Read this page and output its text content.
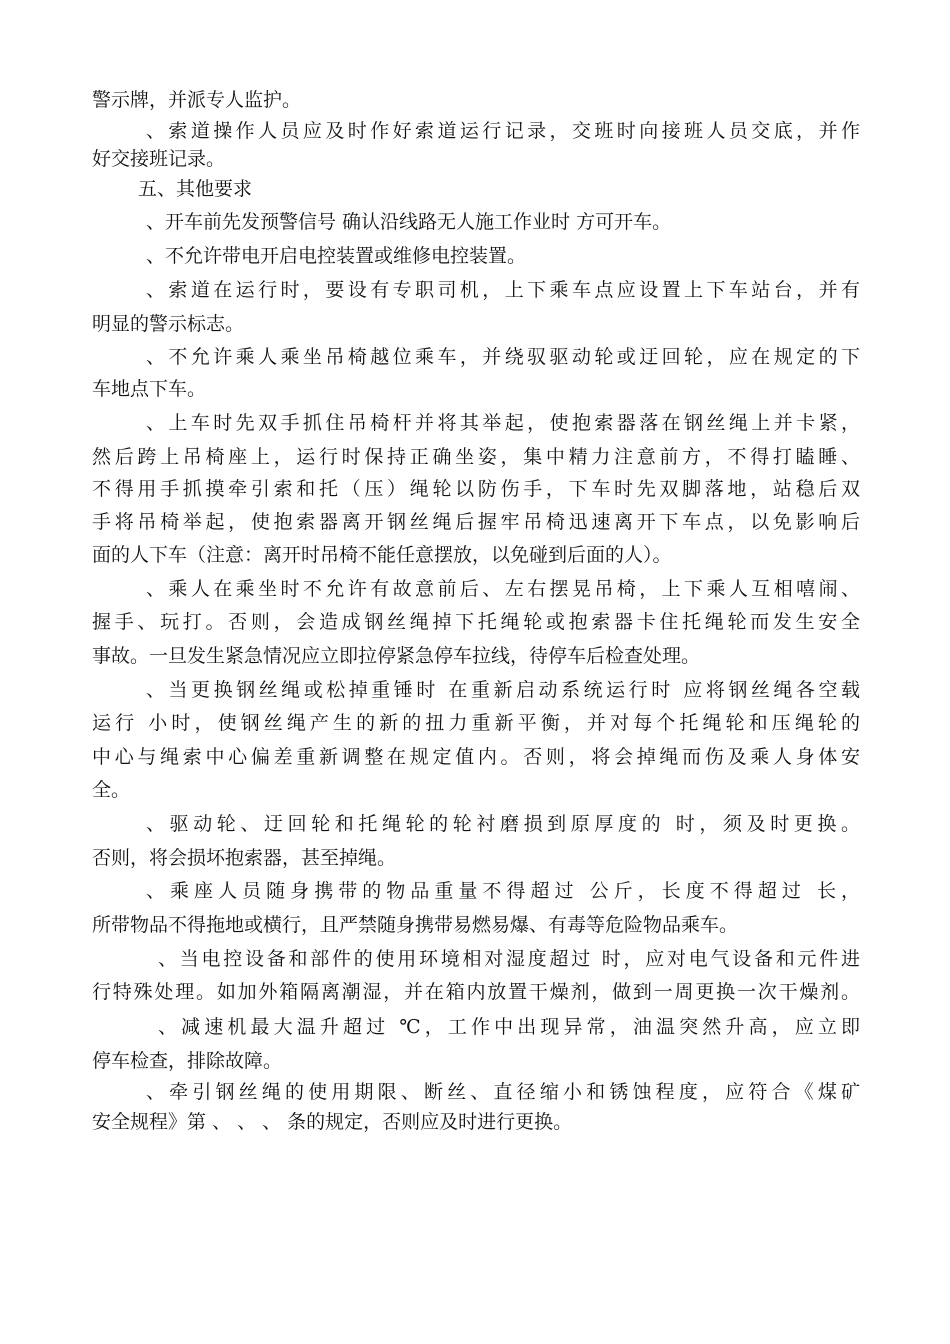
警示牌，并派专人监护。
、索道操作人员应及时作好索道运行记录，交班时向接班人员交底，并作
好交接班记录。
五、其他要求
、开车前先发预警信号 确认沿线路无人施工作业时 方可开车。
、不允许带电开启电控装置或维修电控装置。
、索道在运行时，要设有专职司机，上下乘车点应设置上下车站台，并有
明显的警示标志。
、不允许乘人乘坐吊椅越位乘车，并绕驭驱动轮或迂回轮，应在规定的下
车地点下车。
、上车时先双手抓住吊椅杆并将其举起，使抱索器落在钢丝绳上并卡紧，
然后跨上吊椅座上，运行时保持正确坐姿，集中精力注意前方，不得打瞌睡、
不得用手抓摸牵引索和托（压）绳轮以防伤手，下车时先双脚落地，站稳后双
手将吊椅举起，使抱索器离开钢丝绳后握牢吊椅迅速离开下车点，以免影响后
面的人下车（注意：离开时吊椅不能任意摆放，以免碰到后面的人）。
、乘人在乘坐时不允许有故意前后、左右摆晃吊椅，上下乘人互相嘻闹、
握手、玩打。否则，会造成钢丝绳掉下托绳轮或抱索器卡住托绳轮而发生安全
事故。一旦发生紧急情况应立即拉停紧急停车拉线，待停车后检查处理。
、当更换钢丝绳或松掉重锤时 在重新启动系统运行时 应将钢丝绳各空载
运行 小时，使钢丝绳产生的新的扭力重新平衡，并对每个托绳轮和压绳轮的
中心与绳索中心偏差重新调整在规定值内。否则，将会掉绳而伤及乘人身体安
全。
、驱动轮、迂回轮和托绳轮的轮衬磨损到原厚度的 时，须及时更换。
否则，将会损坏抱索器，甚至掉绳。
、乘座人员随身携带的物品重量不得超过 公斤，长度不得超过 长，
所带物品不得拖地或横行，且严禁随身携带易燃易爆、有毒等危险物品乘车。
、当电控设备和部件的使用环境相对湿度超过 时，应对电气设备和元件进
行特殊处理。如加外箱隔离潮湿，并在箱内放置干燥剂，做到一周更换一次干燥剂。
、减速机最大温升超过 ℃，工作中出现异常，油温突然升高，应立即
停车检查，排除故障。
、牵引钢丝绳的使用期限、断丝、直径缩小和锈蚀程度，应符合《煤矿
安全规程》第 、 、 、 条的规定，否则应及时进行更换。
